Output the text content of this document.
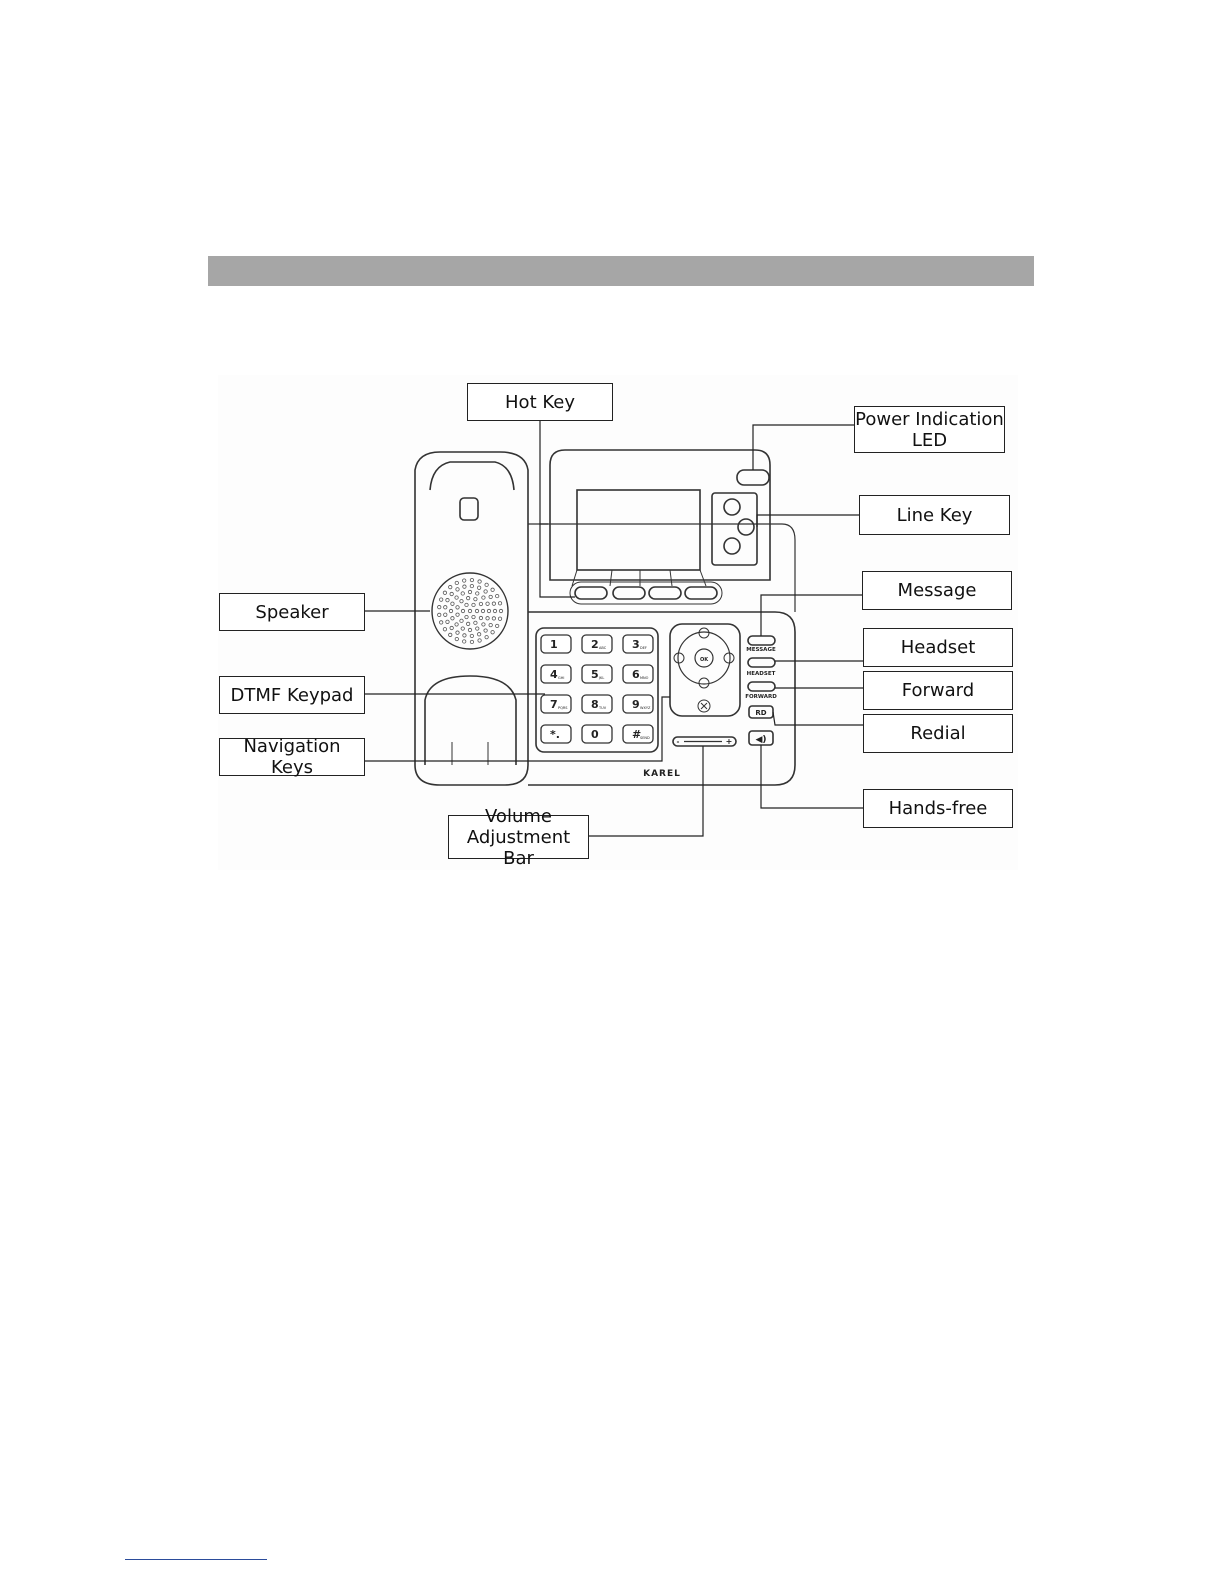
1	2 ABC 3 DEF
4 GHI 5 JKL	6 MNO
7 PQRS 8 TUV 9 WXYZ
*.	0	#
SEND
MESSAGE
HEADSET
FORWARD
RD
OK
KAREL
◀)
-	+
Hot Key
Power Indication
LED
Line Key
Speaker
Message
Headset
DTMF Keypad	Forward
Redial
Navigation Keys
Hands-free
Volume
Adjustment Bar
